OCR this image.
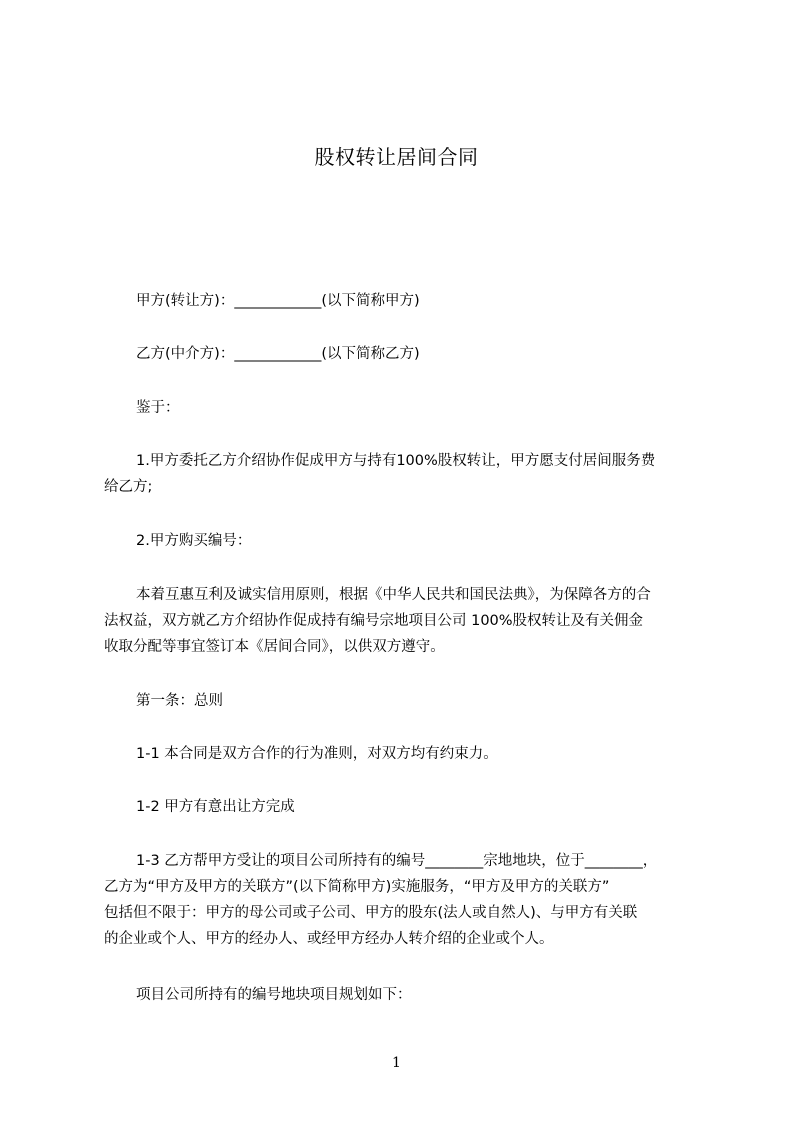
股权转让居间合同
甲方(转让方)：____________(以下简称甲方)
乙方(中介方)：____________(以下简称乙方)
鉴于：
1.甲方委托乙方介绍协作促成甲方与持有100%股权转让，甲方愿支付居间服务费
给乙方;
2.甲方购买编号：
本着互惠互利及诚实信用原则，根据《中华人民共和国民法典》，为保障各方的合
法权益，双方就乙方介绍协作促成持有编号宗地项目公司 100%股权转让及有关佣金
收取分配等事宜签订本《居间合同》，以供双方遵守。
第一条：总则
1-1 本合同是双方合作的行为准则，对双方均有约束力。
1-2 甲方有意出让方完成
1-3 乙方帮甲方受让的项目公司所持有的编号________宗地地块，位于________，
乙方为“甲方及甲方的关联方”(以下简称甲方)实施服务，“甲方及甲方的关联方”
包括但不限于：甲方的母公司或子公司、甲方的股东(法人或自然人)、与甲方有关联
的企业或个人、甲方的经办人、或经甲方经办人转介绍的企业或个人。
项目公司所持有的编号地块项目规划如下：
1
